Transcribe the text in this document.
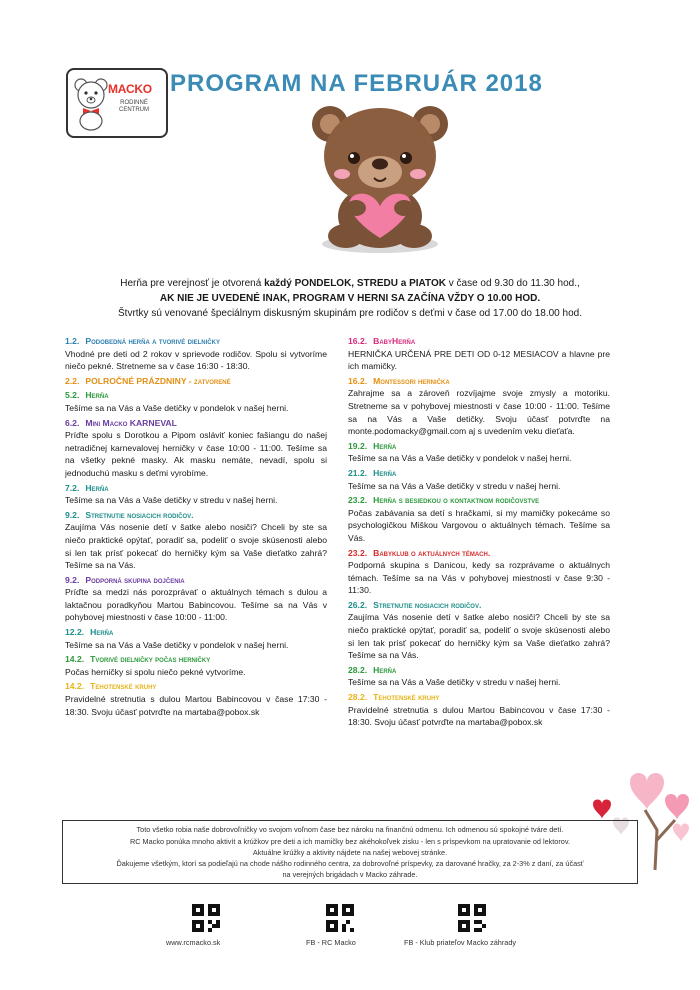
MACKO
RODINNÉ CENTRUM
PROGRAM NA FEBRUÁR 2018
Herňa pre verejnosť je otvorená každý PONDELOK, STREDU a PIATOK v čase od 9.30 do 11.30 hod.,
AK NIE JE UVEDENÉ INAK, PROGRAM V HERNI SA ZAČÍNA VŽDY O 10.00 HOD.
Štvrtky sú venované špeciálnym diskusným skupinám pre rodičov s deťmi v čase od 17.00 do 18.00 hod.
1.2. Podobedná herňa a tvorivé dielničky
Vhodné pre deti od 2 rokov v sprievode rodičov. Spolu si vytvoríme niečo pekné. Stretneme sa v čase 16:30 - 18:30.
2.2. POLROČNÉ PRÁZDNINY - zatvorené
5.2. Herňa
Tešíme sa na Vás a Vaše detičky v pondelok v našej herni.
6.2. Mini Macko KARNEVAL
Príďte spolu s Dorotkou a Pipom osláviť koniec fašiangu do našej netradičnej karnevalovej herničky v čase 10:00 - 11:00. Tešíme sa na všetky pekné masky. Ak masku nemáte, nevadí, spolu si jednoduchú masku s deťmi vyrobíme.
7.2. Herňa
Tešíme sa na Vás a Vaše detičky v stredu v našej herni.
9.2. Stretnutie nosiacich rodičov.
Zaujíma Vás nosenie detí v šatke alebo nosiči? Chceli by ste sa niečo praktické opýtať, poradiť sa, podeliť o svoje skúsenosti alebo si len tak prísť pokecať do herničky kým sa Vaše dieťatko zahrá? Tešíme sa na Vás.
9.2. Podporná skupina dojčenia
Príďte sa medzi nás porozprávať o aktuálnych témach s dulou a laktačnou poradkyňou Martou Babincovou. Tešíme sa na Vás v pohybovej miestnosti v čase 10:00 - 11:00.
12.2. Herňa
Tešíme sa na Vás a Vaše detičky v pondelok v našej herni.
14.2. Tvorivé dielničky počas herničky
Počas herničky si spolu niečo pekné vytvoríme.
14.2. Tehotenské kruhy
Pravidelné stretnutia s dulou Martou Babincovou v čase 17:30 - 18:30. Svoju účasť potvrďte na martaba@pobox.sk
16.2. BabyHerňa
HERNIČKA URČENÁ PRE DETI OD 0-12 MESIACOV a hlavne pre ich mamičky.
16.2. Montessori hernička
Zahrajme sa a zároveň rozvíjajme svoje zmysly a motoriku. Stretneme sa v pohybovej miestnosti v čase 10:00 - 11:00. Tešíme sa na Vás a Vaše detičky. Svoju účasť potvrďte na monte.podomacky@gmail.com aj s uvedením veku dieťaťa.
19.2. Herňa
Tešíme sa na Vás a Vaše detičky v pondelok v našej herni.
21.2. Herňa
Tešíme sa na Vás a Vaše detičky v stredu v našej herni.
23.2. Herňa s besiedkou o kontaktnom rodičovstve
Počas zabávania sa detí s hračkami, si my mamičky pokecáme so psychologičkou Miškou Vargovou o aktuálnych témach. Tešíme sa Vás.
23.2. Babyklub o aktuálnych témach.
Podporná skupina s Danicou, kedy sa rozprávame o aktuálnych témach. Tešíme sa na Vás v pohybovej miestnosti v čase 9:30 - 11:30.
26.2. Stretnutie nosiacich rodičov.
Zaujíma Vás nosenie detí v šatke alebo nosiči? Chceli by ste sa niečo praktické opýtať, poradiť sa, podeliť o svoje skúsenosti alebo si len tak prísť pokecať do herničky kým sa Vaše dieťatko zahrá? Tešíme sa na Vás.
28.2. Herňa
Tešíme sa na Vás a Vaše detičky v stredu v našej herni.
28.2. Tehotenské kruhy
Pravidelné stretnutia s dulou Martou Babincovou v čase 17:30 - 18:30. Svoju účasť potvrďte na martaba@pobox.sk
Toto všetko robia naše dobrovoľníčky vo svojom voľnom čase bez nároku na finančnú odmenu. Ich odmenou sú spokojné tváre detí.
RC Macko ponúka mnoho aktivít a krúžkov pre deti a ich mamičky bez akéhokoľvek zisku - len s príspevkom na upratovanie od lektorov.
Aktuálne krúžky a aktivity nájdete na našej webovej stránke.
Ďakujeme všetkým, ktorí sa podieľajú na chode nášho rodinného centra, za dobrovoľné príspevky, za darované hračky, za 2-3% z daní, za účasť
na verejných brigádach v Macko záhrade.
www.rcmacko.sk	FB - RC Macko	FB - Klub priateľov Macko záhrady
